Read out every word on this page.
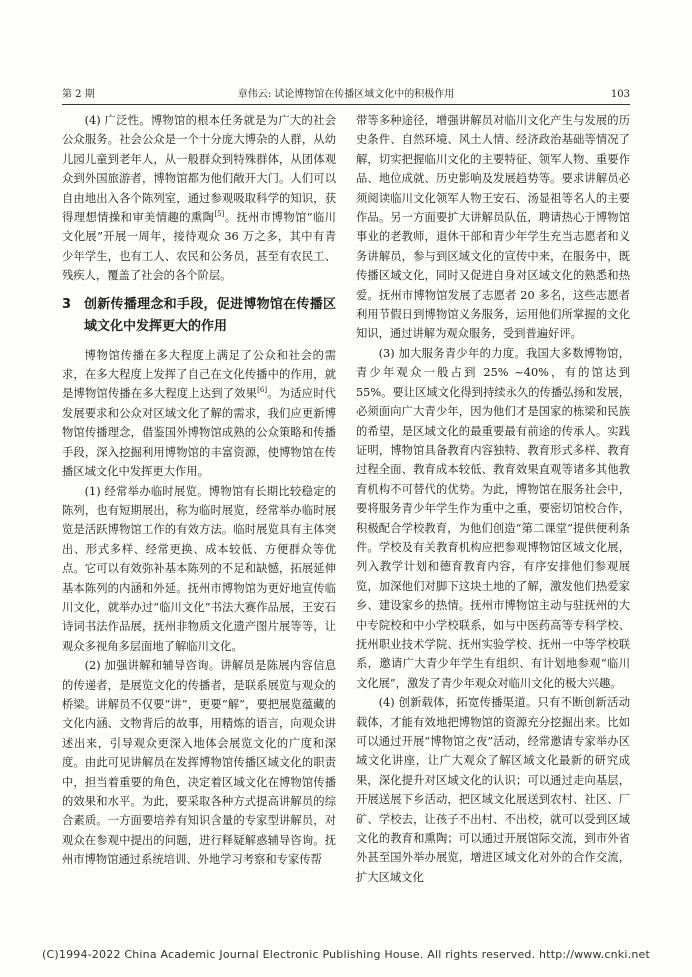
第 2 期	章伟云: 试论博物馆在传播区域文化中的积极作用	103

(4) 广泛性。博物馆的根本任务就是为广大的社会公众服务。社会公众是一个十分庞大博杂的人群，从幼儿园儿童到老年人，从一般群众到特殊群体，从团体观众到外国旅游者，博物馆都为他们敞开大门。人们可以自由地出入各个陈列室，通过参观吸取科学的知识，获得理想情操和审美情趣的熏陶[5]。抚州市博物馆“临川文化展”开展一周年，接待观众 36 万之多，其中有青少年学生，也有工人、农民和公务员，甚至有农民工、残疾人，覆盖了社会的各个阶层。

3 创新传播理念和手段，促进博物馆在传播区域文化中发挥更大的作用

博物馆传播在多大程度上满足了公众和社会的需求，在多大程度上发挥了自己在文化传播中的作用，就是博物馆传播在多大程度上达到了效果[6]。为适应时代发展要求和公众对区域文化了解的需求，我们应更新博物馆传播理念，借鉴国外博物馆成熟的公众策略和传播手段，深入挖掘利用博物馆的丰富资源，使博物馆在传播区域文化中发挥更大作用。

(1) 经常举办临时展览。博物馆有长期比较稳定的陈列，也有短期展出，称为临时展览，经常举办临时展览是活跃博物馆工作的有效方法。临时展览具有主体突出、形式多样、经常更换、成本较低、方便群众等优点。它可以有效弥补基本陈列的不足和缺憾，拓展延伸基本陈列的内涵和外延。抚州市博物馆为更好地宣传临川文化，就举办过“临川文化”书法大赛作品展，王安石诗词书法作品展，抚州非物质文化遗产图片展等等，让观众多视角多层面地了解临川文化。

(2) 加强讲解和辅导咨询。讲解员是陈展内容信息的传递者，是展览文化的传播者，是联系展览与观众的桥梁。讲解员不仅要“讲”，更要“解”，要把展览蕴藏的文化内涵、文物背后的故事，用精炼的语言，向观众讲述出来，引导观众更深入地体会展览文化的广度和深度。由此可见讲解员在发挥博物馆传播区域文化的职责中，担当着重要的角色，决定着区域文化在博物馆传播的效果和水平。为此，要采取各种方式提高讲解员的综合素质。一方面要培养有知识含量的专家型讲解员，对观众在参观中提出的问题，进行释疑解惑辅导咨询。抚州市博物馆通过系统培训、外地学习考察和专家传帮

带等多种途径，增强讲解员对临川文化产生与发展的历史条件、自然环境、风土人情、经济政治基础等情况了解，切实把握临川文化的主要特征、领军人物、重要作品、地位成就、历史影响及发展趋势等。要求讲解员必须阅读临川文化领军人物王安石、汤显祖等名人的主要作品。另一方面要扩大讲解员队伍，聘请热心于博物馆事业的老教师，退休干部和青少年学生充当志愿者和义务讲解员，参与到区域文化的宣传中来，在服务中，既传播区域文化，同时又促进自身对区域文化的熟悉和热爱。抚州市博物馆发展了志愿者 20 多名，这些志愿者利用节假日到博物馆义务服务，运用他们所掌握的文化知识，通过讲解为观众服务，受到普遍好评。

(3) 加大服务青少年的力度。我国大多数博物馆，青少年观众一般占到 25% ~40%，有的馆达到 55%。要让区域文化得到持续永久的传播弘扬和发展，必须面向广大青少年，因为他们才是国家的栋梁和民族的希望，是区域文化的最重要最有前途的传承人。实践证明，博物馆具备教育内容独特、教育形式多样、教育过程全面、教育成本较低、教育效果直观等诸多其他教育机构不可替代的优势。为此，博物馆在服务社会中，要将服务青少年学生作为重中之重，要密切馆校合作，积极配合学校教育，为他们创造“第二课堂”提供便利条件。学校及有关教育机构应把参观博物馆区域文化展，列入教学计划和德育教育内容，有序安排他们参观展览，加深他们对脚下这块土地的了解，激发他们热爱家乡、建设家乡的热情。抚州市博物馆主动与驻抚州的大中专院校和中小学校联系，如与中医药高等专科学校、抚州职业技术学院、抚州实验学校、抚州一中等学校联系，邀请广大青少年学生有组织、有计划地参观“临川文化展”，激发了青少年观众对临川文化的极大兴趣。

(4) 创新载体，拓宽传播渠道。只有不断创新活动载体，才能有效地把博物馆的资源充分挖掘出来。比如可以通过开展“博物馆之夜”活动，经常邀请专家举办区域文化讲座，让广大观众了解区域文化最新的研究成果，深化提升对区域文化的认识；可以通过走向基层，开展送展下乡活动，把区域文化展送到农村、社区、厂矿、学校去，让孩子不出村、不出校，就可以受到区域文化的教育和熏陶；可以通过开展馆际交流，到市外省外甚至国外举办展览，增进区域文化对外的合作交流，扩大区域文化

(C)1994-2022 China Academic Journal Electronic Publishing House. All rights reserved. http://www.cnki.net
